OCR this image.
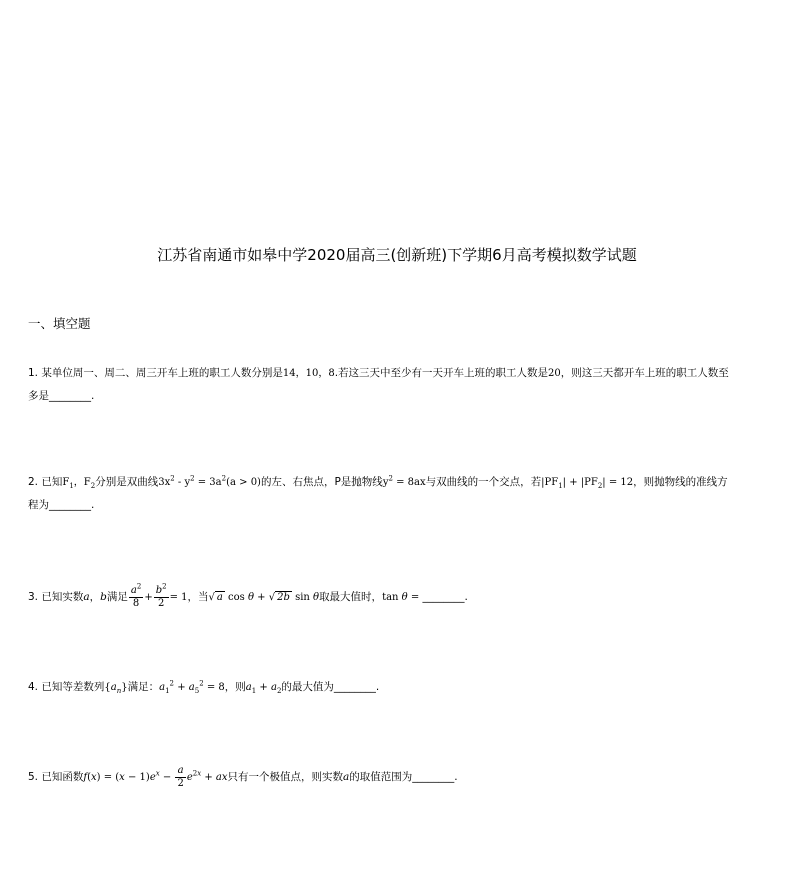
江苏省南通市如皋中学2020届高三(创新班)下学期6月高考模拟数学试题
一、填空题
1. 某单位周一、周二、周三开车上班的职工人数分别是14，10，8.若这三天中至少有一天开车上班的职工人数是20，则这三天都开车上班的职工人数至多是________.
2. 已知$F_1$，$F_2$分别是双曲线$3x^2 - y^2 = 3a^2(a > 0)$的左、右焦点，P是抛物线$y^2 = 8ax$与双曲线的一个交点，若$|PF_1| + |PF_2| = 12$，则抛物线的准线方程为________.
3. 已知实数a，b满足 $\frac{a^2}{8} + \frac{b^2}{2} = 1$，当√ a cos θ + √ 2b sin θ取最大值时，tan θ = ________.
4. 已知等差数列$\{a_n\}$满足：$a_1^2 + a_5^2 = 8$，则$a_1 + a_2$的最大值为________.
5. 已知函数$f(x) = (x - 1)e^x - \frac{a}{2} e^{2x}$ + ax只有一个极值点，则实数a的取值范围为________.
